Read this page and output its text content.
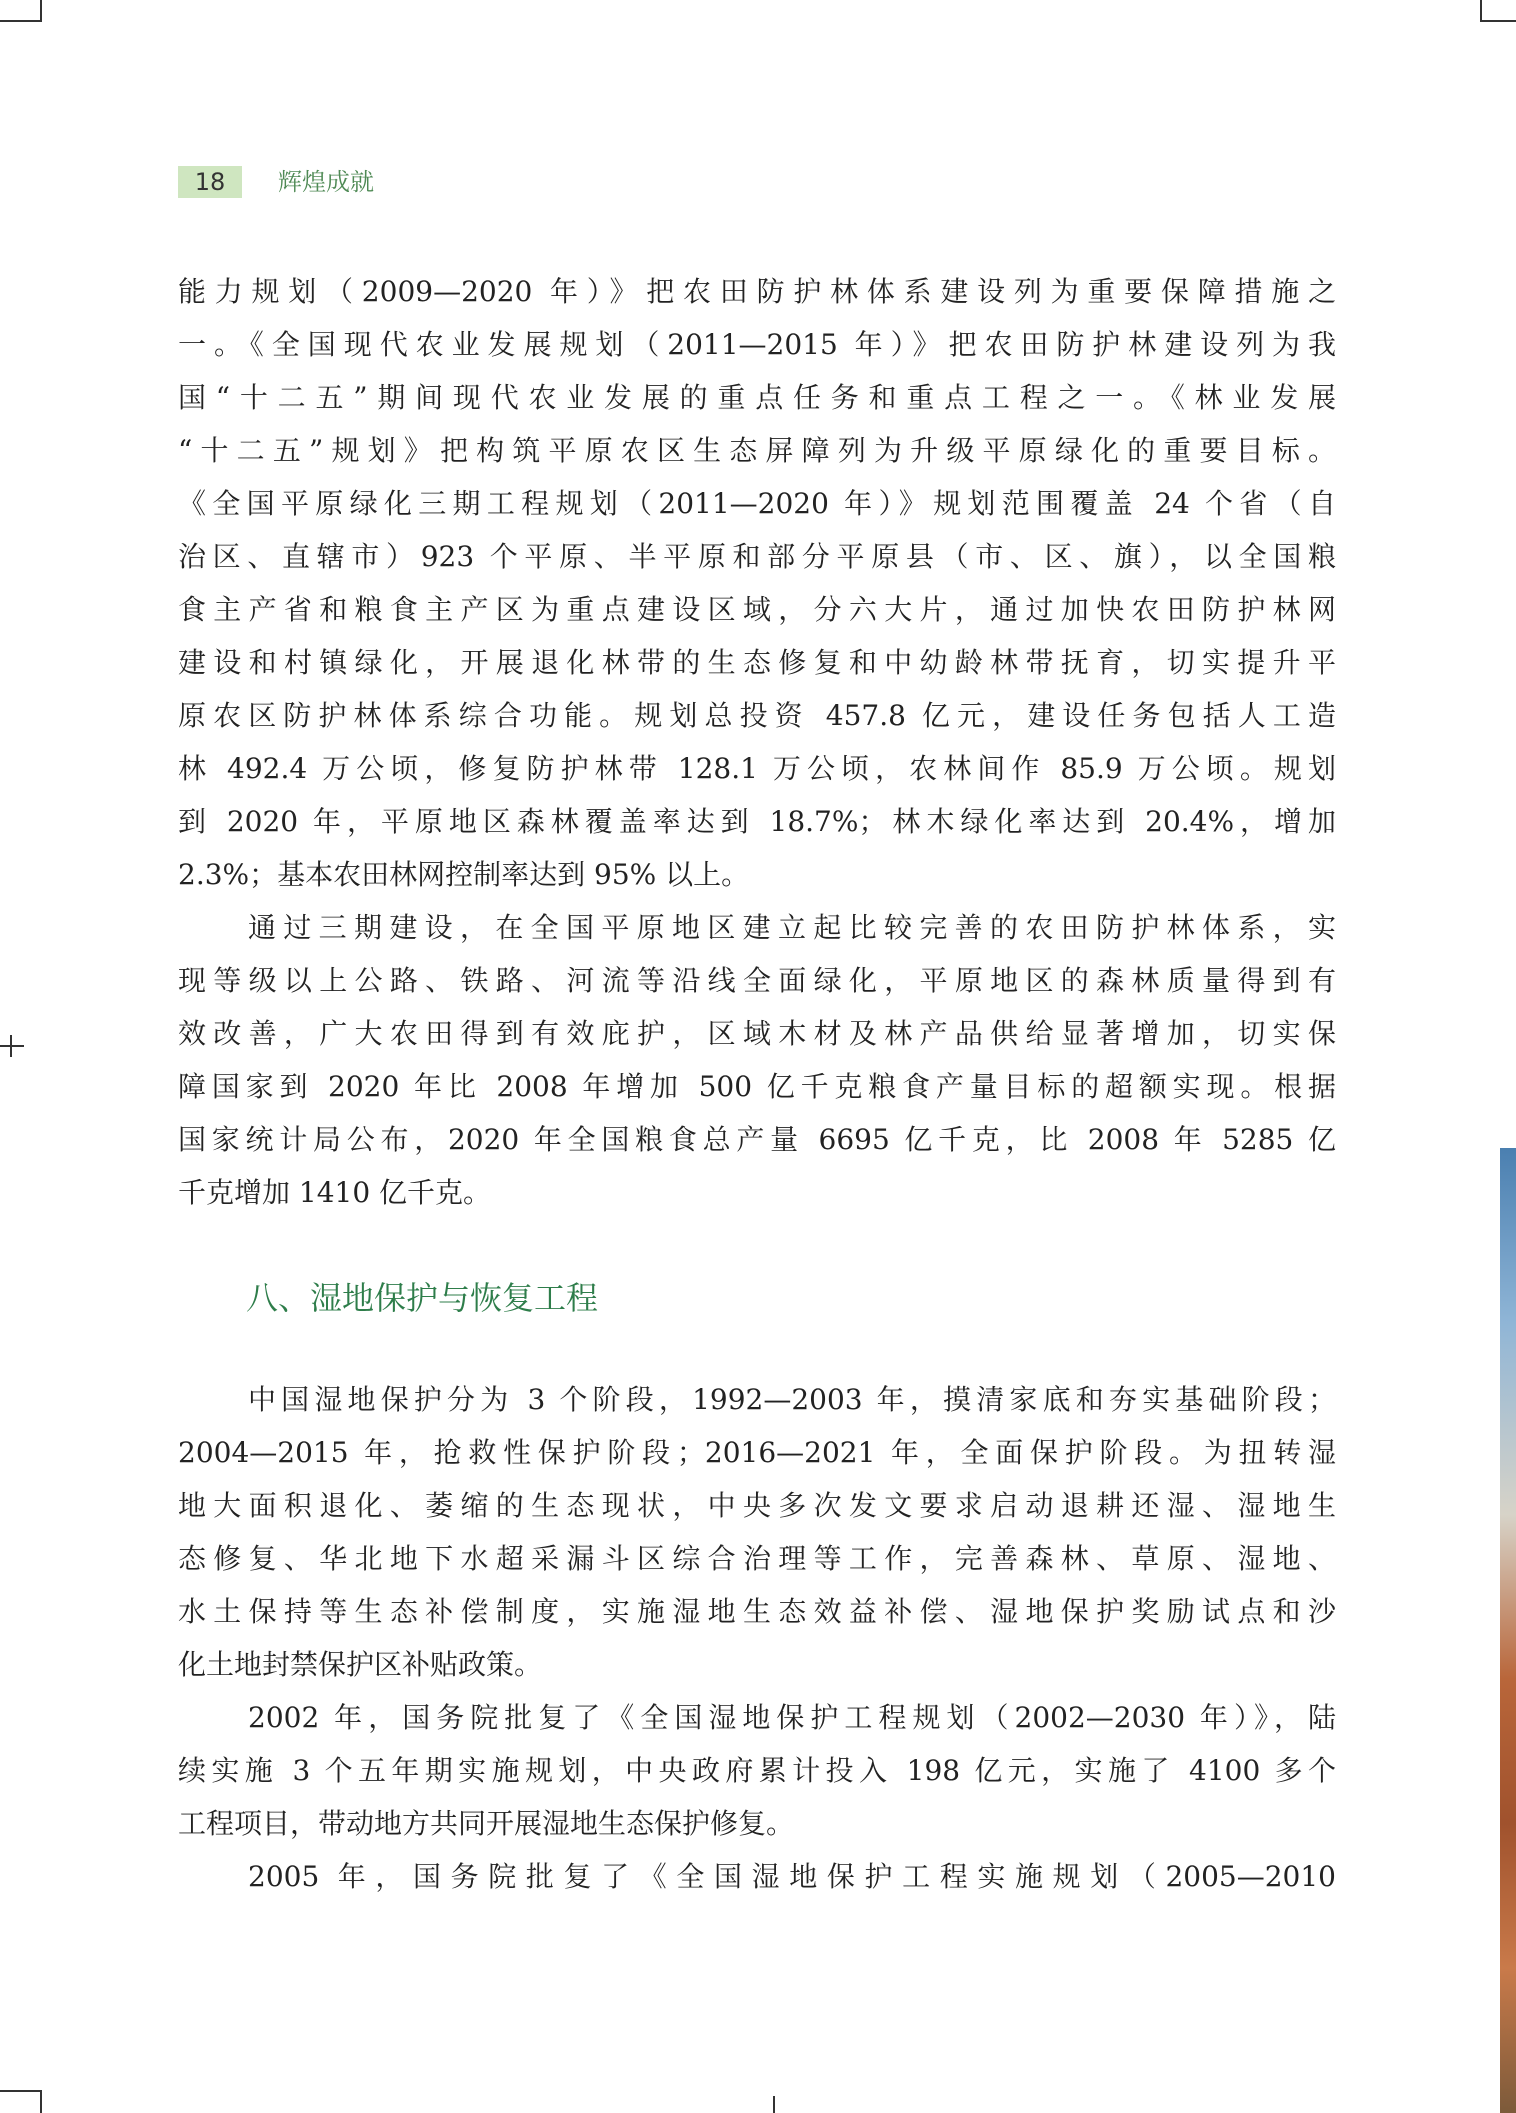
18	辉煌成就
能力规划（2009—2020 年）》把农田防护林体系建设列为重要保障措施之
一。《全国现代农业发展规划（2011—2015 年）》把农田防护林建设列为我
国“十二五”期间现代农业发展的重点任务和重点工程之一。《林业发展
“十二五”规划》把构筑平原农区生态屏障列为升级平原绿化的重要目标。
《全国平原绿化三期工程规划（2011—2020 年）》规划范围覆盖 24 个省（自
治区、直辖市）923 个平原、半平原和部分平原县（市、区、旗），以全国粮
食主产省和粮食主产区为重点建设区域，分六大片，通过加快农田防护林网
建设和村镇绿化，开展退化林带的生态修复和中幼龄林带抚育，切实提升平
原农区防护林体系综合功能。规划总投资 457.8 亿元，建设任务包括人工造
林 492.4 万公顷，修复防护林带 128.1 万公顷，农林间作 85.9 万公顷。规划
到 2020 年，平原地区森林覆盖率达到 18.7%；林木绿化率达到 20.4%，增加
2.3%；基本农田林网控制率达到 95% 以上。
通过三期建设，在全国平原地区建立起比较完善的农田防护林体系，实
现等级以上公路、铁路、河流等沿线全面绿化，平原地区的森林质量得到有
效改善，广大农田得到有效庇护，区域木材及林产品供给显著增加，切实保
障国家到 2020 年比 2008 年增加 500 亿千克粮食产量目标的超额实现。根据
国家统计局公布，2020 年全国粮食总产量 6695 亿千克，比 2008 年 5285 亿
千克增加 1410 亿千克。
八、湿地保护与恢复工程
中国湿地保护分为 3 个阶段，1992—2003 年，摸清家底和夯实基础阶段；
2004—2015 年，抢救性保护阶段；2016—2021 年，全面保护阶段。为扭转湿
地大面积退化、萎缩的生态现状，中央多次发文要求启动退耕还湿、湿地生
态修复、华北地下水超采漏斗区综合治理等工作，完善森林、草原、湿地、
水土保持等生态补偿制度，实施湿地生态效益补偿、湿地保护奖励试点和沙
化土地封禁保护区补贴政策。
2002 年，国务院批复了《全国湿地保护工程规划（2002—2030 年）》，陆
续实施 3 个五年期实施规划，中央政府累计投入 198 亿元，实施了 4100 多个
工程项目，带动地方共同开展湿地生态保护修复。
2005 年，国务院批复了《全国湿地保护工程实施规划（2005—2010
